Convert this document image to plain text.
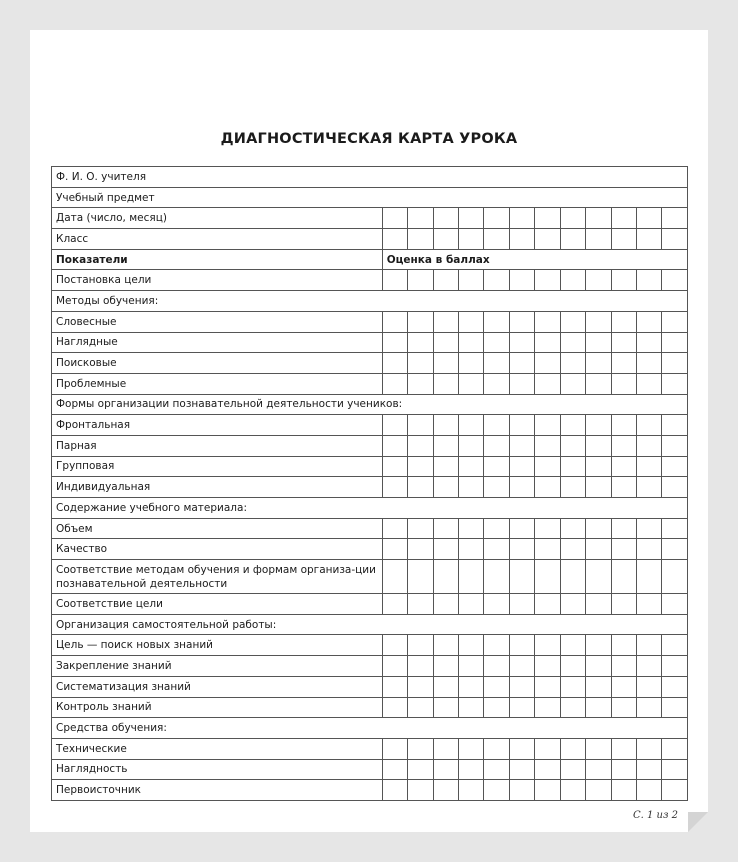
ДИАГНОСТИЧЕСКАЯ КАРТА УРОКА
Ф. И. О. учителя												
Учебный предмет												
Дата (число, месяц)												
Класс												
Показатели	Оценка в баллах											
Постановка цели												
Методы обучения:												
Словесные												
Наглядные												
Поисковые												
Проблемные												
Формы организации познавательной деятельности учеников:												
Фронтальная												
Парная												
Групповая												
Индивидуальная												
Содержание учебного материала:												
Объем												
Качество												
Соответствие методам обучения и формам организа-ции познавательной деятельности												
Соответствие цели												
Организация самостоятельной работы:												
Цель — поиск новых знаний												
Закрепление знаний												
Систематизация знаний												
Контроль знаний												
Средства обучения:												
Технические												
Наглядность												
Первоисточник												
С. 1 из 2
